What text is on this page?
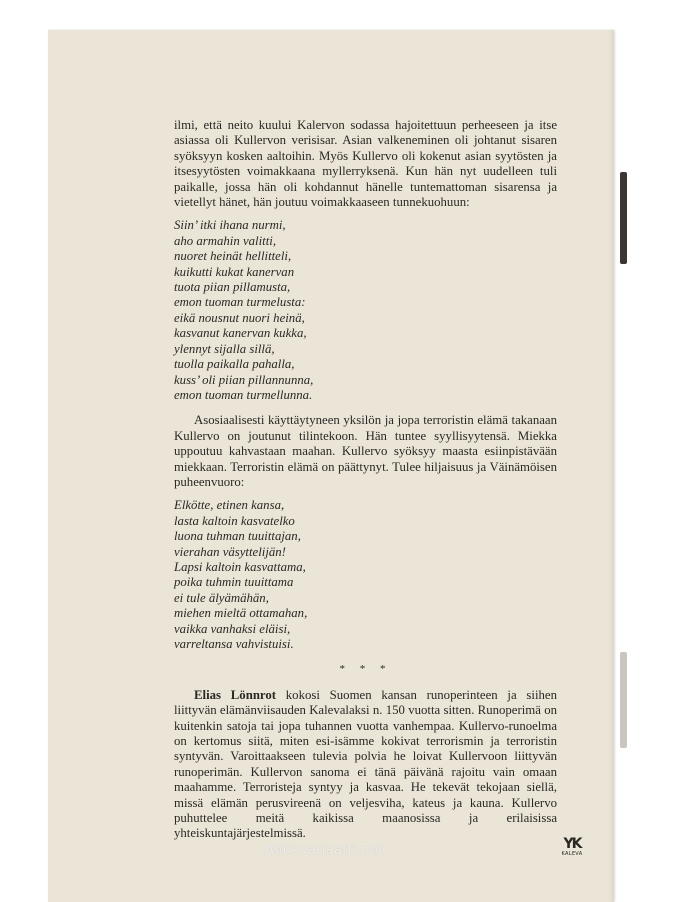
ilmi, että neito kuului Kalervon sodassa hajoitettuun perheeseen ja itse asiassa oli Kullervon verisisar. Asian valkeneminen oli johtanut sisaren syöksyyn kosken aaltoihin. Myös Kullervo oli kokenut asian syytösten ja itsesyytösten voimakkaana myllerryksenä. Kun hän nyt uudelleen tuli paikalle, jossa hän oli kohdannut hänelle tuntemattoman sisarensa ja vietellyt hänet, hän joutuu voimakkaaseen tunnekuohuun:

Siin’ itki ihana nurmi,
aho armahin valitti,
nuoret heinät hellitteli,
kuikutti kukat kanervan
tuota piian pillamusta,
emon tuoman turmelusta:
eikä nousnut nuori heinä,
kasvanut kanervan kukka,
ylennyt sijalla sillä,
tuolla paikalla pahalla,
kuss’ oli piian pillannunna,
emon tuoman turmellunna.

Asosiaalisesti käyttäytyneen yksilön ja jopa terroristin elämä takanaan Kullervo on joutunut tilintekoon. Hän tuntee syyllisyytensä. Miekka uppoutuu kahvastaan maahan. Kullervo syöksyy maasta esiinpistävään miekkaan. Terroristin elämä on päättynyt. Tulee hiljaisuus ja Väinämöisen puheenvuoro:

Elkötte, etinen kansa,
lasta kaltoin kasvatelko
luona tuhman tuuittajan,
vierahan väsyttelijän!
Lapsi kaltoin kasvattama,
poika tuhmin tuuittama
ei tule älyämähän,
miehen mieltä ottamahan,
vaikka vanhaksi eläisi,
varreltansa vahvistuisi.

* * *

Elias Lönnrot kokosi Suomen kansan runoperinteen ja siihen liittyvän elämänviisauden Kalevalaksi n. 150 vuotta sitten. Runoperimä on kuitenkin satoja tai jopa tuhannen vuotta vanhempaa. Kullervo-runoelma on kertomus siitä, miten esi-isämme kokivat terrorismin ja terroristin syntyvän. Varoittaakseen tulevia polvia he loivat Kullervoon liittyvän runoperimän. Kullervon sanoma ei tänä päivänä rajoitu vain omaan maahamme. Terroristeja syntyy ja kasvaa. He tekevät tekojaan siellä, missä elämän perusvireenä on veljesviha, kateus ja kauna. Kullervo puhuttelee meitä kaikissa maanosissa ja erilaisissa yhteiskuntajärjestelmissä.

YK
KALEVA
Antikvariaatti.net
